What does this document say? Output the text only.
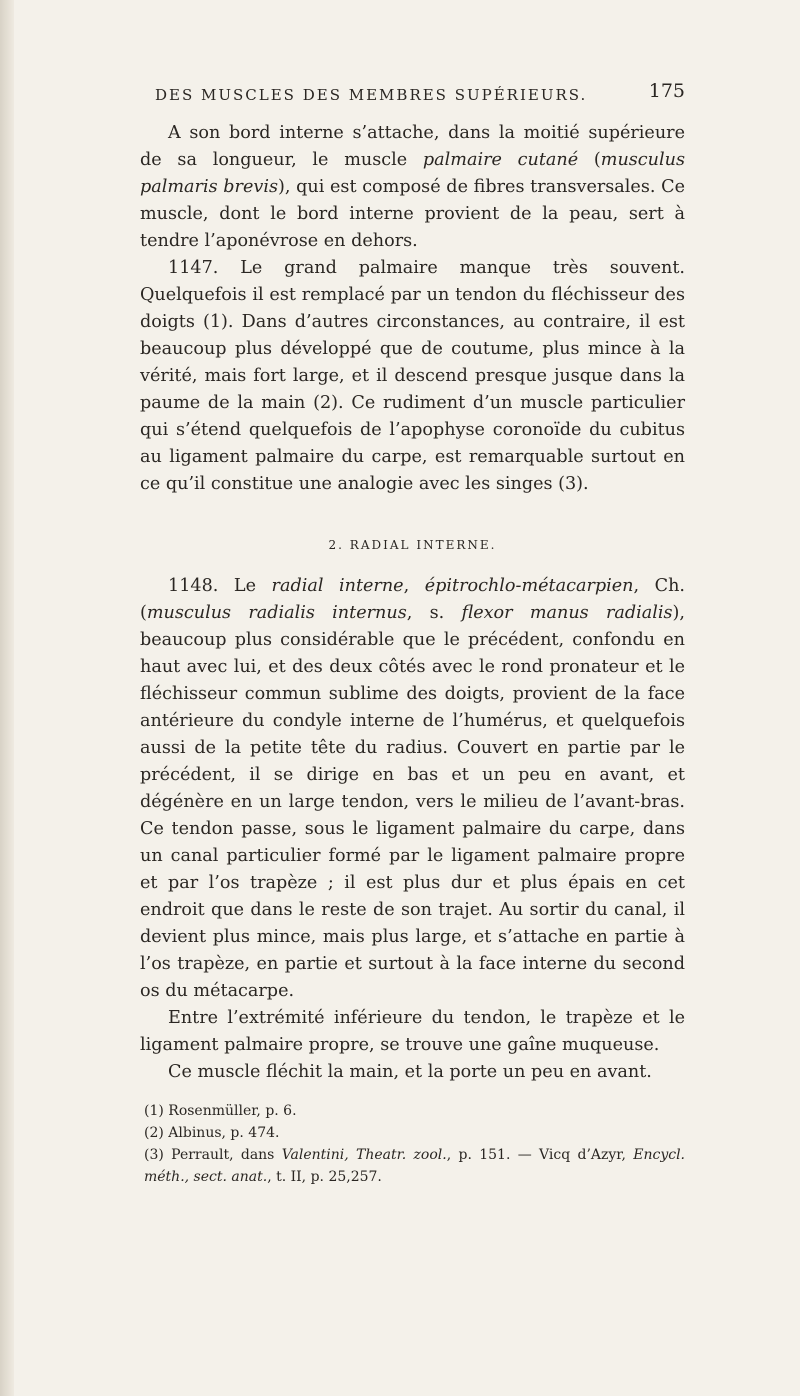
DES MUSCLES DES MEMBRES SUPÉRIEURS.	175

A son bord interne s’attache, dans la moitié supérieure de sa longueur, le muscle palmaire cutané (musculus palmaris brevis), qui est composé de fibres transversales. Ce muscle, dont le bord interne provient de la peau, sert à tendre l’aponévrose en dehors.

1147. Le grand palmaire manque très souvent. Quelquefois il est remplacé par un tendon du fléchisseur des doigts (1). Dans d’autres circonstances, au contraire, il est beaucoup plus développé que de coutume, plus mince à la vérité, mais fort large, et il descend presque jusque dans la paume de la main (2). Ce rudiment d’un muscle particulier qui s’étend quelquefois de l’apophyse coronoïde du cubitus au ligament palmaire du carpe, est remarquable surtout en ce qu’il constitue une analogie avec les singes (3).

2. RADIAL INTERNE.

1148. Le radial interne, épitrochlo-métacarpien, Ch. (musculus radialis internus, s. flexor manus radialis), beaucoup plus considérable que le précédent, confondu en haut avec lui, et des deux côtés avec le rond pronateur et le fléchisseur commun sublime des doigts, provient de la face antérieure du condyle interne de l’humérus, et quelquefois aussi de la petite tête du radius. Couvert en partie par le précédent, il se dirige en bas et un peu en avant, et dégénère en un large tendon, vers le milieu de l’avant-bras. Ce tendon passe, sous le ligament palmaire du carpe, dans un canal particulier formé par le ligament palmaire propre et par l’os trapèze ; il est plus dur et plus épais en cet endroit que dans le reste de son trajet. Au sortir du canal, il devient plus mince, mais plus large, et s’attache en partie à l’os trapèze, en partie et surtout à la face interne du second os du métacarpe.

Entre l’extrémité inférieure du tendon, le trapèze et le ligament palmaire propre, se trouve une gaîne muqueuse.

Ce muscle fléchit la main, et la porte un peu en avant.

(1) Rosenmüller, p. 6.

(2) Albinus, p. 474.

(3) Perrault, dans Valentini, Theatr. zool., p. 151. — Vicq d’Azyr, Encycl. méth., sect. anat., t. II, p. 25,257.
